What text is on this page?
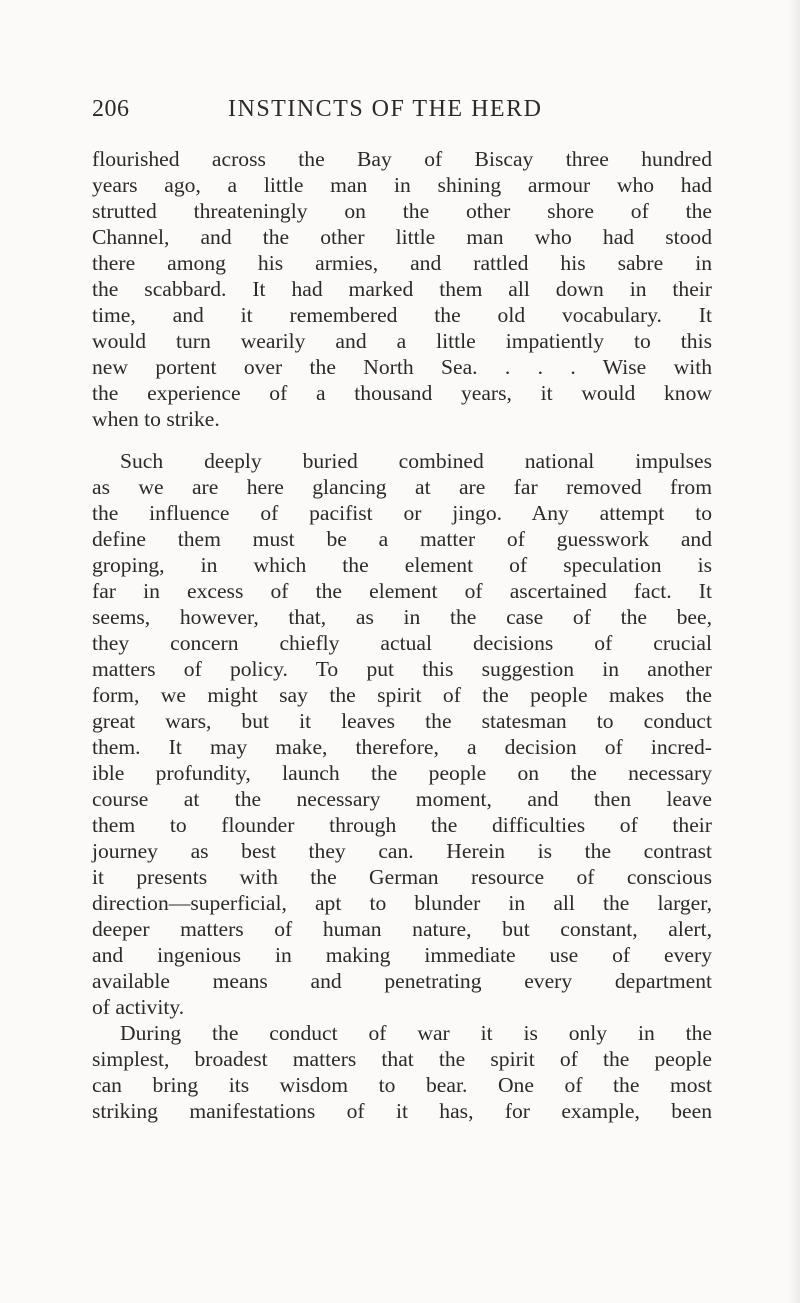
206	INSTINCTS OF THE HERD
flourished across the Bay of Biscay three hundred
years ago, a little man in shining armour who had
strutted threateningly on the other shore of the
Channel, and the other little man who had stood
there among his armies, and rattled his sabre in
the scabbard. It had marked them all down in their
time, and it remembered the old vocabulary. It
would turn wearily and a little impatiently to this
new portent over the North Sea. . . . Wise with
the experience of a thousand years, it would know
when to strike.
Such deeply buried combined national impulses
as we are here glancing at are far removed from
the influence of pacifist or jingo. Any attempt to
define them must be a matter of guesswork and
groping, in which the element of speculation is
far in excess of the element of ascertained fact. It
seems, however, that, as in the case of the bee,
they concern chiefly actual decisions of crucial
matters of policy. To put this suggestion in another
form, we might say the spirit of the people makes the
great wars, but it leaves the statesman to conduct
them. It may make, therefore, a decision of incred-
ible profundity, launch the people on the necessary
course at the necessary moment, and then leave
them to flounder through the difficulties of their
journey as best they can. Herein is the contrast
it presents with the German resource of conscious
direction—superficial, apt to blunder in all the larger,
deeper matters of human nature, but constant, alert,
and ingenious in making immediate use of every
available means and penetrating every department
of activity.
During the conduct of war it is only in the
simplest, broadest matters that the spirit of the people
can bring its wisdom to bear. One of the most
striking manifestations of it has, for example, been
